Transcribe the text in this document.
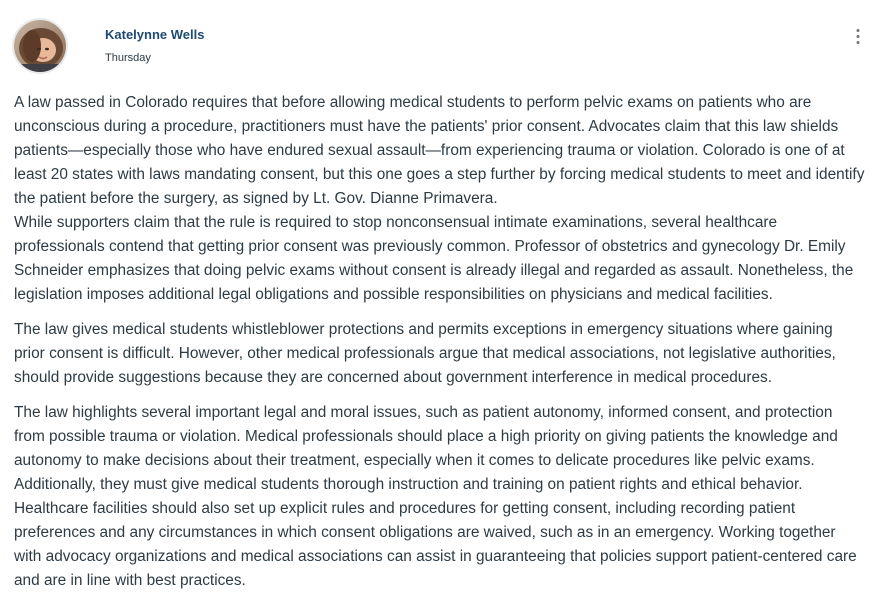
Katelynne Wells
Thursday

A law passed in Colorado requires that before allowing medical students to perform pelvic exams on patients who are unconscious during a procedure, practitioners must have the patients' prior consent. Advocates claim that this law shields patients—especially those who have endured sexual assault—from experiencing trauma or violation. Colorado is one of at least 20 states with laws mandating consent, but this one goes a step further by forcing medical students to meet and identify the patient before the surgery, as signed by Lt. Gov. Dianne Primavera.

While supporters claim that the rule is required to stop nonconsensual intimate examinations, several healthcare professionals contend that getting prior consent was previously common. Professor of obstetrics and gynecology Dr. Emily Schneider emphasizes that doing pelvic exams without consent is already illegal and regarded as assault. Nonetheless, the legislation imposes additional legal obligations and possible responsibilities on physicians and medical facilities.

The law gives medical students whistleblower protections and permits exceptions in emergency situations where gaining prior consent is difficult. However, other medical professionals argue that medical associations, not legislative authorities, should provide suggestions because they are concerned about government interference in medical procedures.

The law highlights several important legal and moral issues, such as patient autonomy, informed consent, and protection from possible trauma or violation. Medical professionals should place a high priority on giving patients the knowledge and autonomy to make decisions about their treatment, especially when it comes to delicate procedures like pelvic exams. Additionally, they must give medical students thorough instruction and training on patient rights and ethical behavior. Healthcare facilities should also set up explicit rules and procedures for getting consent, including recording patient preferences and any circumstances in which consent obligations are waived, such as in an emergency. Working together with advocacy organizations and medical associations can assist in guaranteeing that policies support patient-centered care and are in line with best practices.
